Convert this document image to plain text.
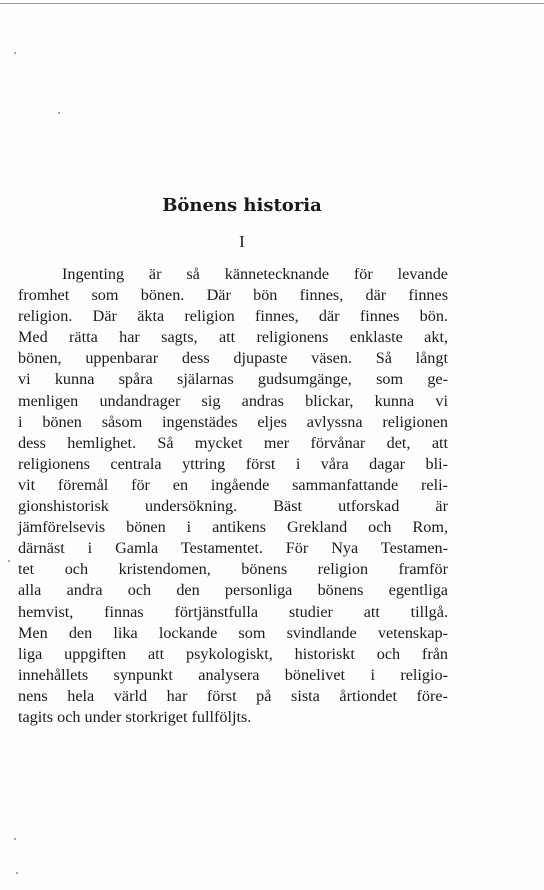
Bönens historia
I
Ingenting är så kännetecknande för levande
fromhet som bönen. Där bön finnes, där finnes
religion. Där äkta religion finnes, där finnes bön.
Med rätta har sagts, att religionens enklaste akt,
bönen, uppenbarar dess djupaste väsen. Så långt
vi kunna spåra själarnas gudsumgänge, som ge-
menligen undandrager sig andras blickar, kunna vi
i bönen såsom ingenstädes eljes avlyssna religionen
dess hemlighet. Så mycket mer förvånar det, att
religionens centrala yttring först i våra dagar bli-
vit föremål för en ingående sammanfattande reli-
gionshistorisk undersökning. Bäst utforskad är
jämförelsevis bönen i antikens Grekland och Rom,
därnäst i Gamla Testamentet. För Nya Testamen-
tet och kristendomen, bönens religion framför
alla andra och den personliga bönens egentliga
hemvist, finnas förtjänstfulla studier att tillgå.
Men den lika lockande som svindlande vetenskap-
liga uppgiften att psykologiskt, historiskt och från
innehållets synpunkt analysera bönelivet i religio-
nens hela värld har först på sista årtiondet före-
tagits och under storkriget fullföljts.
